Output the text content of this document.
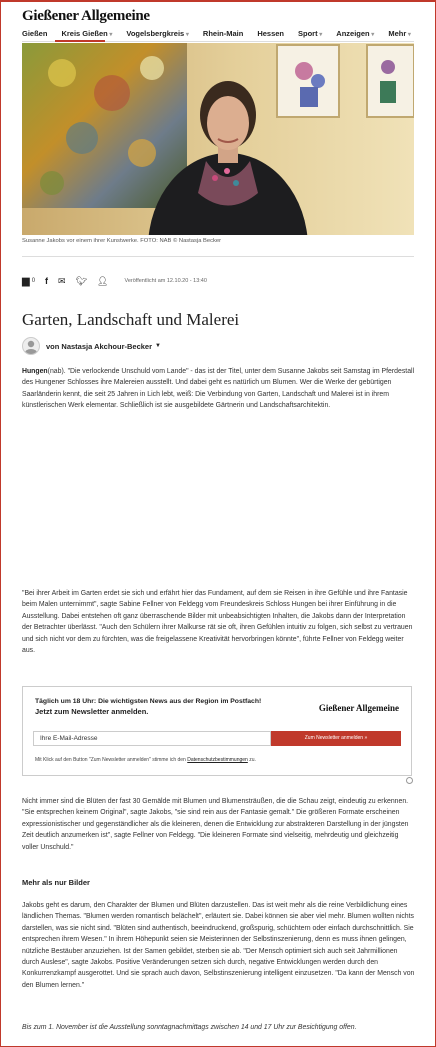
Gießener Allgemeine
Gießen Kreis Gießen ▾ Vogelsbergkreis ▾ Rhein-Main Hessen Sport ▾ Anzeigen ▾ Mehr ▾
Susanne Jakobs vor einem ihrer Kunstwerke. FOTO: NAB © Nastasja Becker
▆ 0 f ✉ 🐦︎ 👤︎	Veröffentlicht am 12.10.20 - 13:40
Garten, Landschaft und Malerei
von Nastasja Akchour-Becker ▼
Hungen(nab). "Die verlockende Unschuld vom Lande" - das ist der Titel, unter dem Susanne Jakobs seit Samstag im Pferdestall des Hungener Schlosses ihre Malereien ausstellt. Und dabei geht es natürlich um Blumen. Wer die Werke der gebürtigen Saarländerin kennt, die seit 25 Jahren in Lich lebt, weiß: Die Verbindung von Garten, Landschaft und Malerei ist in ihrem künstlerischen Werk elementar. Schließlich ist sie ausgebildete Gärtnerin und Landschaftsarchitektin.
"Bei ihrer Arbeit im Garten erdet sie sich und erfährt hier das Fundament, auf dem sie Reisen in ihre Gefühle und ihre Fantasie beim Malen unternimmt", sagte Sabine Fellner von Feldegg vom Freundeskreis Schloss Hungen bei ihrer Einführung in die Ausstellung. Dabei entstehen oft ganz überraschende Bilder mit unbeabsichtigten Inhalten, die Jakobs dann der Interpretation der Betrachter überlässt. "Auch den Schülern ihrer Malkurse rät sie oft, ihren Gefühlen intuitiv zu folgen, sich selbst zu vertrauen und sich nicht vor dem zu fürchten, was die freigelassene Kreativität hervorbringen könnte", führte Fellner von Feldegg weiter aus.
Täglich um 18 Uhr: Die wichtigsten News aus der Region im Postfach!
Jetzt zum Newsletter anmelden.	Gießener Allgemeine
Ihre E-Mail-Adresse	Zum Newsletter anmelden »
Mit Klick auf den Button "Zum Newsletter anmelden" stimme ich den Datenschutzbestimmungen zu.
Nicht immer sind die Blüten der fast 30 Gemälde mit Blumen und Blumensträußen, die die Schau zeigt, eindeutig zu erkennen. "Sie entsprechen keinem Original", sagte Jakobs, "sie sind rein aus der Fantasie gemalt." Die größeren Formate erscheinen expressionistischer und gegenständlicher als die kleineren, denen die Entwicklung zur abstrakteren Darstellung in der jüngsten Zeit deutlich anzumerken ist", sagte Fellner von Feldegg. "Die kleineren Formate sind vielseitig, mehrdeutig und gleichzeitig voller Unschuld."
Mehr als nur Bilder
Jakobs geht es darum, den Charakter der Blumen und Blüten darzustellen. Das ist weit mehr als die reine Verbildlichung eines ländlichen Themas. "Blumen werden romantisch belächelt", erläutert sie. Dabei können sie aber viel mehr. Blumen wollten nichts darstellen, was sie nicht sind. "Blüten sind authentisch, beeindruckend, großspurig, schüchtern oder einfach durchschnittlich. Sie entsprechen ihrem Wesen." In ihrem Höhepunkt seien sie Meisterinnen der Selbstinszenierung, denn es muss ihnen gelingen, nützliche Bestäuber anzuziehen. Ist der Samen gebildet, sterben sie ab. "Der Mensch optimiert sich auch seit Jahrmillionen durch Auslese", sagte Jakobs. Positive Veränderungen setzen sich durch, negative Entwicklungen werden durch den Konkurrenzkampf ausgerottet. Und sie sprach auch davon, Selbstinszenierung intelligent einzusetzen. "Da kann der Mensch von den Blumen lernen."
Bis zum 1. November ist die Ausstellung sonntagnachmittags zwischen 14 und 17 Uhr zur Besichtigung offen.
